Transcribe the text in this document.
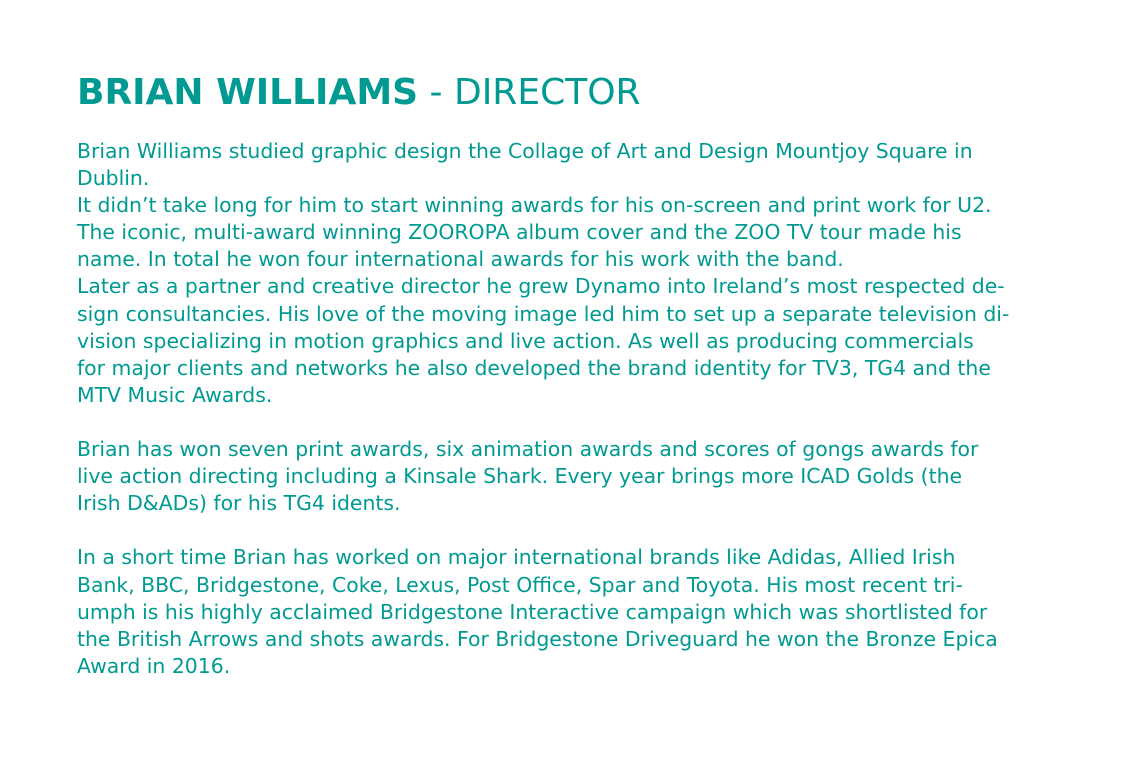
BRIAN WILLIAMS - DIRECTOR

Brian Williams studied graphic design the Collage of Art and Design Mountjoy Square in
Dublin.
It didn’t take long for him to start winning awards for his on-screen and print work for U2.
The iconic, multi-award winning ZOOROPA album cover and the ZOO TV tour made his
name. In total he won four international awards for his work with the band.
Later as a partner and creative director he grew Dynamo into Ireland’s most respected de-
sign consultancies. His love of the moving image led him to set up a separate television di-
vision specializing in motion graphics and live action. As well as producing commercials
for major clients and networks he also developed the brand identity for TV3, TG4 and the
MTV Music Awards.

Brian has won seven print awards, six animation awards and scores of gongs awards for
live action directing including a Kinsale Shark. Every year brings more ICAD Golds (the
Irish D&ADs) for his TG4 idents.

In a short time Brian has worked on major international brands like Adidas, Allied Irish
Bank, BBC, Bridgestone, Coke, Lexus, Post Office, Spar and Toyota. His most recent tri-
umph is his highly acclaimed Bridgestone Interactive campaign which was shortlisted for
the British Arrows and shots awards. For Bridgestone Driveguard he won the Bronze Epica
Award in 2016.
